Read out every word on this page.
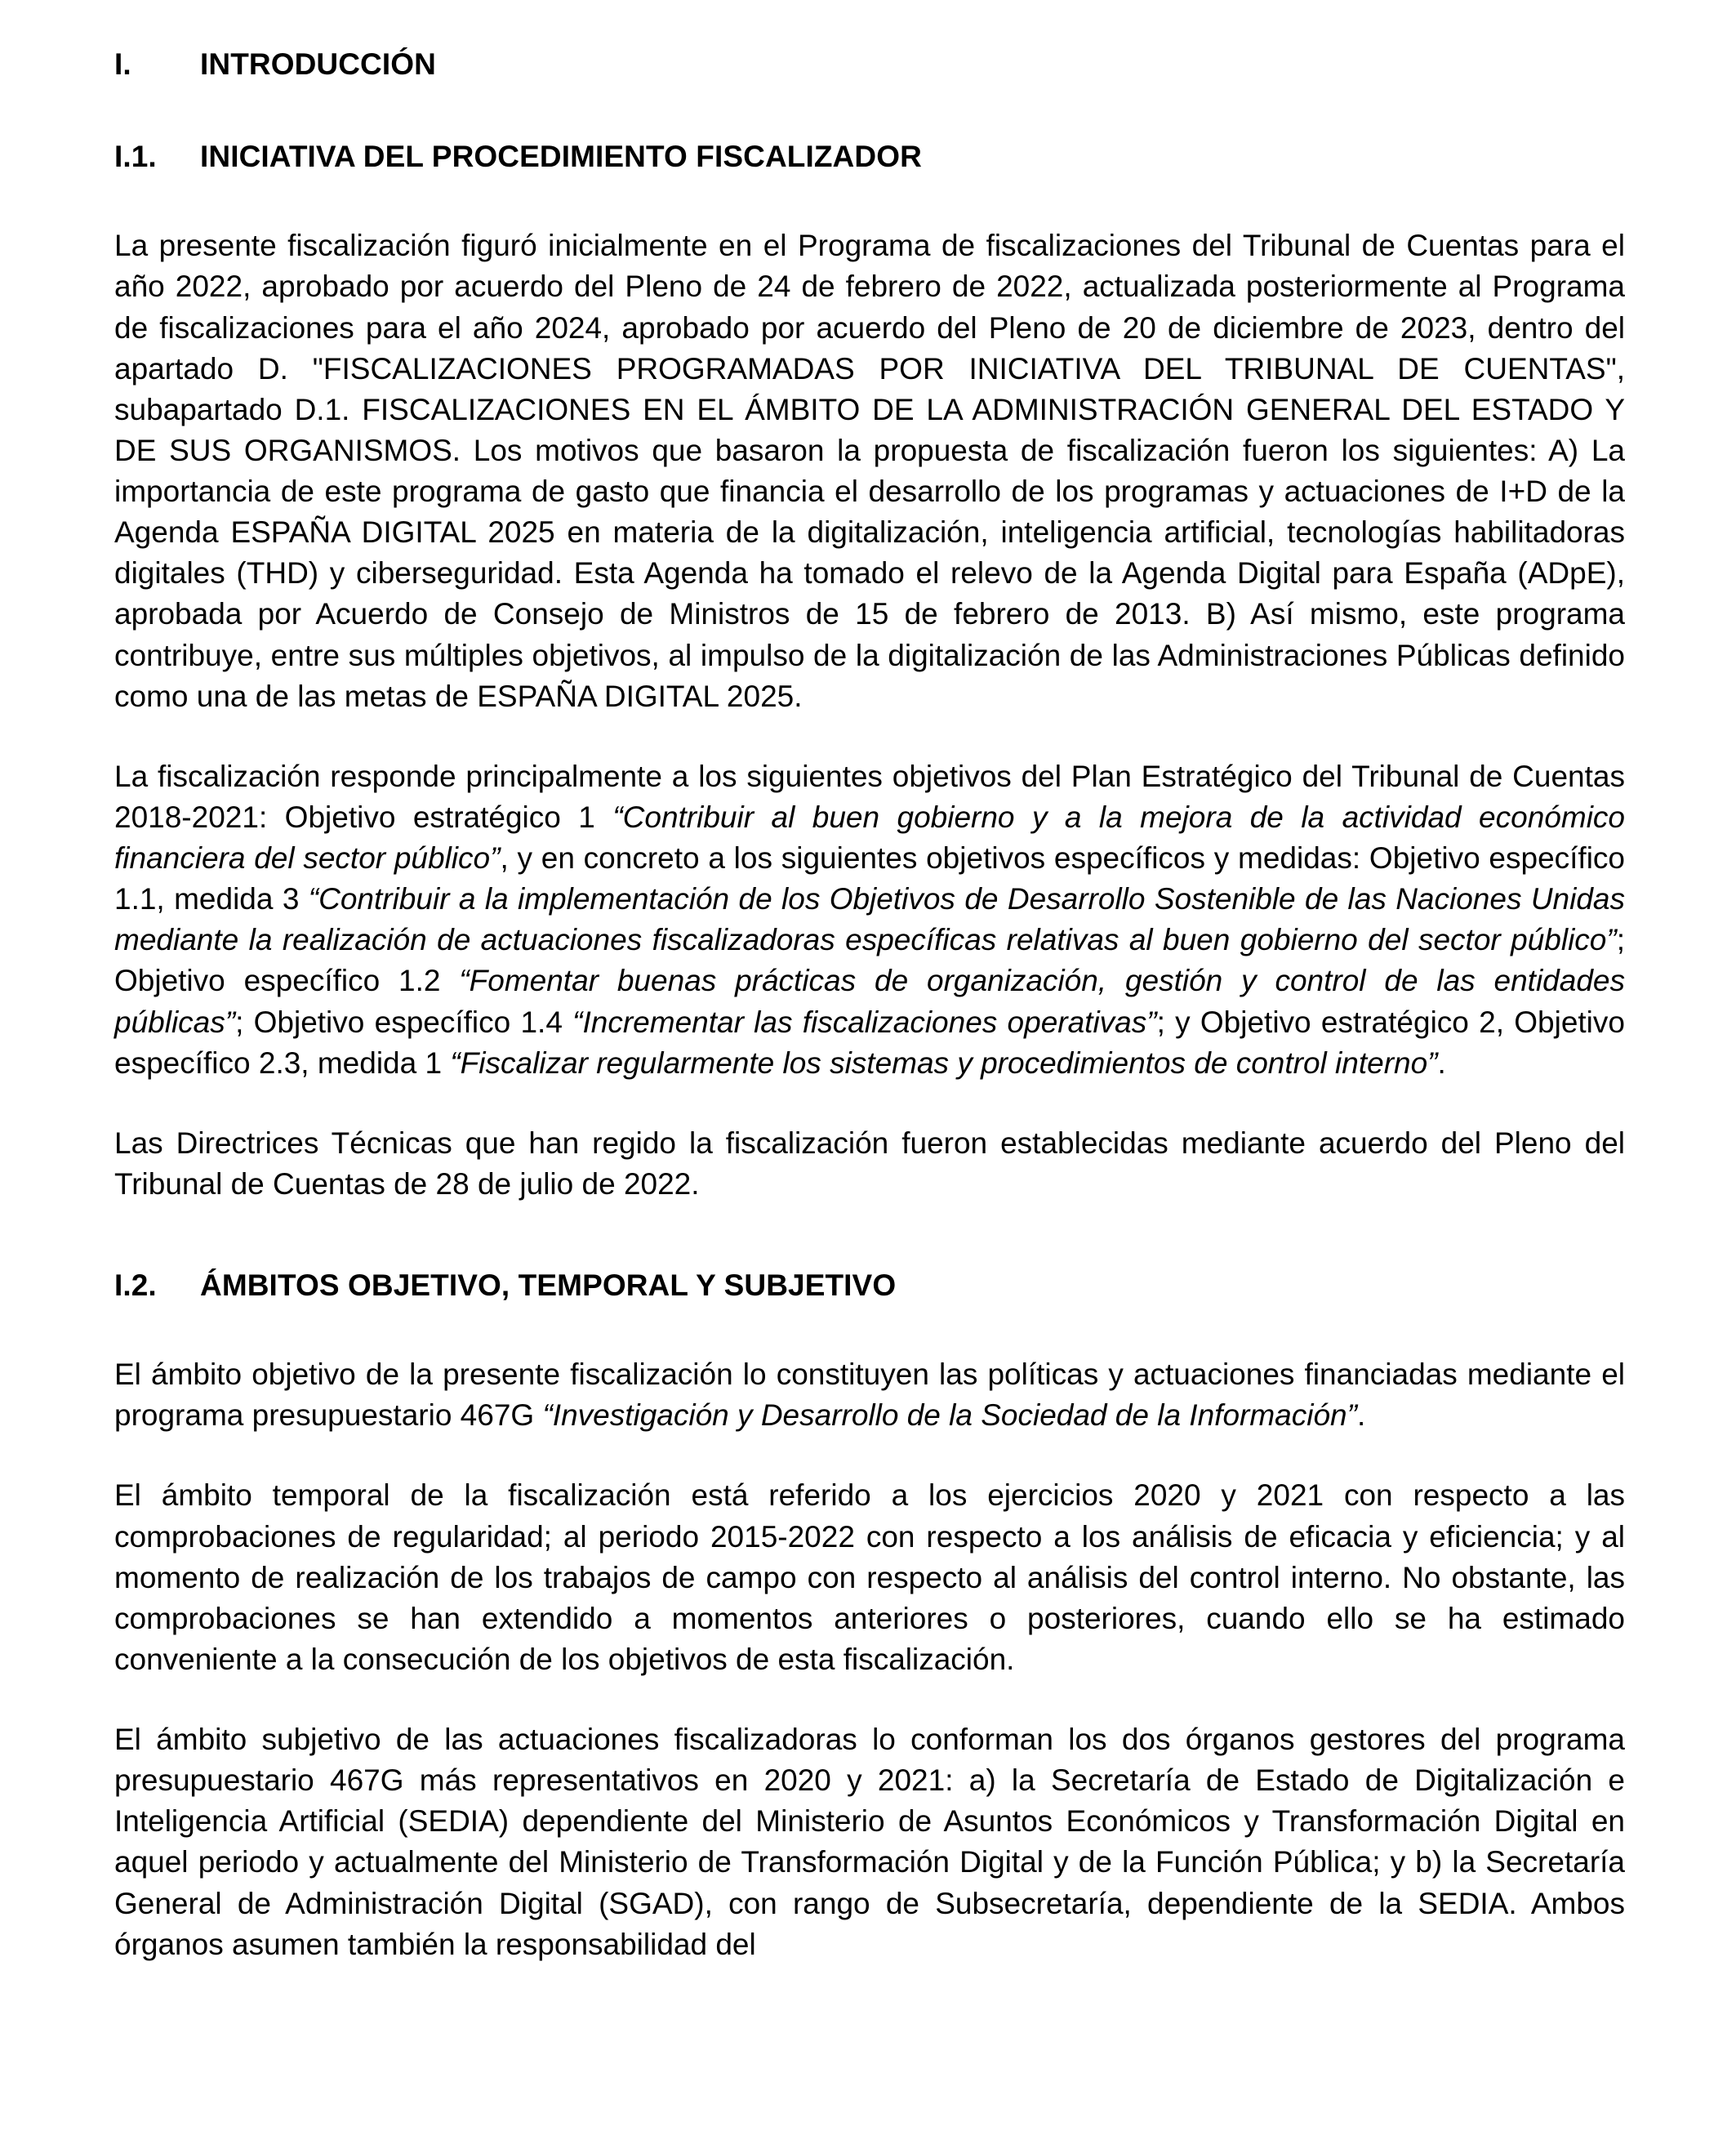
I.	INTRODUCCIÓN
I.1.	INICIATIVA DEL PROCEDIMIENTO FISCALIZADOR

La presente fiscalización figuró inicialmente en el Programa de fiscalizaciones del Tribunal de Cuentas para el año 2022, aprobado por acuerdo del Pleno de 24 de febrero de 2022, actualizada posteriormente al Programa de fiscalizaciones para el año 2024, aprobado por acuerdo del Pleno de 20 de diciembre de 2023, dentro del apartado D. "FISCALIZACIONES PROGRAMADAS POR INICIATIVA DEL TRIBUNAL DE CUENTAS", subapartado D.1. FISCALIZACIONES EN EL ÁMBITO DE LA ADMINISTRACIÓN GENERAL DEL ESTADO Y DE SUS ORGANISMOS. Los motivos que basaron la propuesta de fiscalización fueron los siguientes: A) La importancia de este programa de gasto que financia el desarrollo de los programas y actuaciones de I+D de la Agenda ESPAÑA DIGITAL 2025 en materia de la digitalización, inteligencia artificial, tecnologías habilitadoras digitales (THD) y ciberseguridad. Esta Agenda ha tomado el relevo de la Agenda Digital para España (ADpE), aprobada por Acuerdo de Consejo de Ministros de 15 de febrero de 2013. B) Así mismo, este programa contribuye, entre sus múltiples objetivos, al impulso de la digitalización de las Administraciones Públicas definido como una de las metas de ESPAÑA DIGITAL 2025.

La fiscalización responde principalmente a los siguientes objetivos del Plan Estratégico del Tribunal de Cuentas 2018-2021: Objetivo estratégico 1 “Contribuir al buen gobierno y a la mejora de la actividad económico financiera del sector público”, y en concreto a los siguientes objetivos específicos y medidas: Objetivo específico 1.1, medida 3 “Contribuir a la implementación de los Objetivos de Desarrollo Sostenible de las Naciones Unidas mediante la realización de actuaciones fiscalizadoras específicas relativas al buen gobierno del sector público”; Objetivo específico 1.2 “Fomentar buenas prácticas de organización, gestión y control de las entidades públicas”; Objetivo específico 1.4 “Incrementar las fiscalizaciones operativas”; y Objetivo estratégico 2, Objetivo específico 2.3, medida 1 “Fiscalizar regularmente los sistemas y procedimientos de control interno”.

Las Directrices Técnicas que han regido la fiscalización fueron establecidas mediante acuerdo del Pleno del Tribunal de Cuentas de 28 de julio de 2022.

I.2.	ÁMBITOS OBJETIVO, TEMPORAL Y SUBJETIVO

El ámbito objetivo de la presente fiscalización lo constituyen las políticas y actuaciones financiadas mediante el programa presupuestario 467G “Investigación y Desarrollo de la Sociedad de la Información”.

El ámbito temporal de la fiscalización está referido a los ejercicios 2020 y 2021 con respecto a las comprobaciones de regularidad; al periodo 2015-2022 con respecto a los análisis de eficacia y eficiencia; y al momento de realización de los trabajos de campo con respecto al análisis del control interno. No obstante, las comprobaciones se han extendido a momentos anteriores o posteriores, cuando ello se ha estimado conveniente a la consecución de los objetivos de esta fiscalización.

El ámbito subjetivo de las actuaciones fiscalizadoras lo conforman los dos órganos gestores del programa presupuestario 467G más representativos en 2020 y 2021: a) la Secretaría de Estado de Digitalización e Inteligencia Artificial (SEDIA) dependiente del Ministerio de Asuntos Económicos y Transformación Digital en aquel periodo y actualmente del Ministerio de Transformación Digital y de la Función Pública; y b) la Secretaría General de Administración Digital (SGAD), con rango de Subsecretaría, dependiente de la SEDIA. Ambos órganos asumen también la responsabilidad del
